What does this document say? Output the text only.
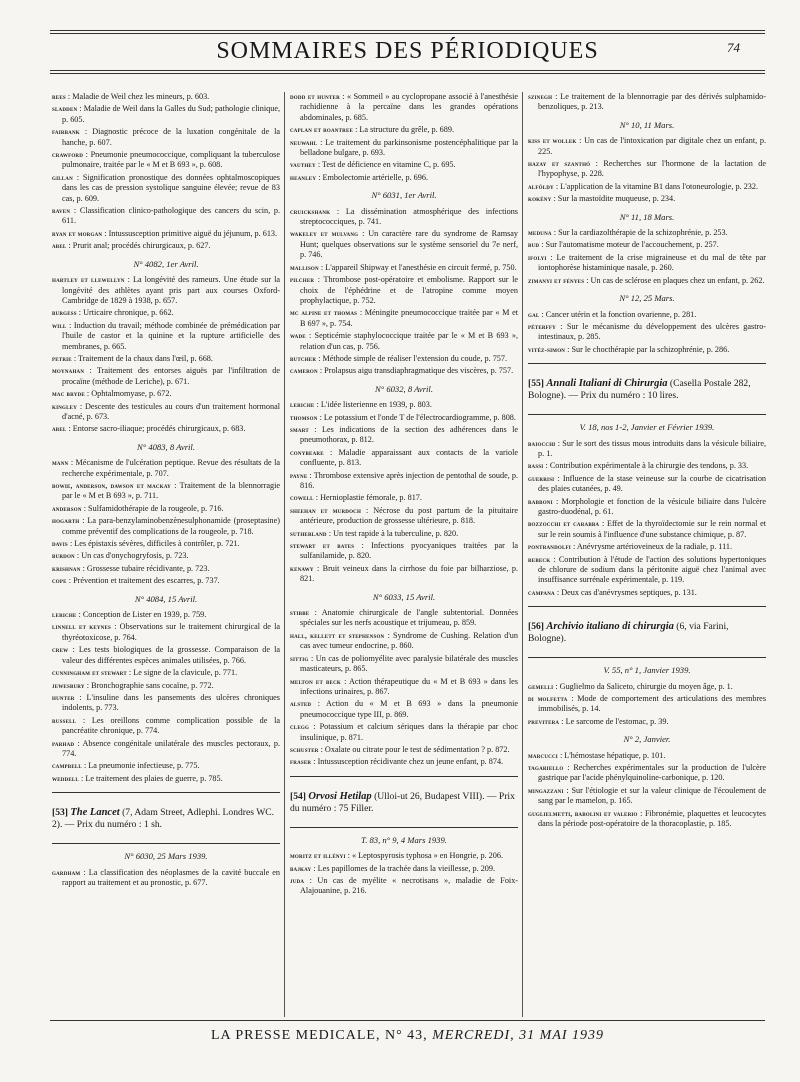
SOMMAIRES DES PÉRIODIQUES	74
rees : Maladie de Weil chez les mineurs, p. 603.
sladden : Maladie de Weil dans la Galles du Sud; pathologie clinique, p. 605.
fairbank : Diagnostic précoce de la luxation congénitale de la hanche, p. 607.
crawford : Pneumonie pneumococcique, compliquant la tuberculose pulmonaire, traitée par le « M et B 693 », p. 608.
gillan : Signification pronostique des données ophtalmoscopiques dans les cas de pression systolique sanguine élevée; revue de 83 cas, p. 609.
raven : Classification clinico-pathologique des cancers du scin, p. 611.
ryan et morgan : Intussusception primitive aiguë du jéjunum, p. 613.
abel : Prurit anal; procédés chirurgicaux, p. 627.
N° 4082, 1er Avril.
hartley et llewellyn : La longévité des rameurs. Une étude sur la longévité des athlètes ayant pris part aux courses Oxford-Cambridge de 1829 à 1938, p. 657.
burgess : Urticaire chronique, p. 662.
will : Induction du travail; méthode combinée de prémédication par l'huile de castor et la quinine et la rupture artificielle des membranes, p. 665.
petrie : Traitement de la chaux dans l'œil, p. 668.
moynahan : Traitement des entorses aiguës par l'infiltration de procaïne (méthode de Leriche), p. 671.
mac bryde : Ophtalmomyase, p. 672.
kingley : Descente des testicules au cours d'un traitement hormonal d'acné, p. 673.
abel : Entorse sacro-iliaque; procédés chirurgicaux, p. 683.
N° 4083, 8 Avril.
mann : Mécanisme de l'ulcération peptique. Revue des résultats de la recherche expérimentale, p. 707.
bowie, anderson, dawson et mackay : Traitement de la blennorragie par le « M et B 693 », p. 711.
anderson : Sulfamidothérapie de la rougeole, p. 716.
hogarth : La para-benzylaminobenzènesulphonamide (proseptasine) comme préventif des complications de la rougeole, p. 718.
davis : Les épistaxis sévères, difficiles à contrôler, p. 721.
burdon : Un cas d'onychogryfosis, p. 723.
krishnan : Grossesse tubaire récidivante, p. 723.
cope : Prévention et traitement des escarres, p. 737.
N° 4084, 15 Avril.
leriche : Conception de Lister en 1939, p. 759.
linnell et keynes : Observations sur le traitement chirurgical de la thyréotoxicose, p. 764.
crew : Les tests biologiques de la grossesse. Comparaison de la valeur des différentes espèces animales utilisées, p. 766.
cunningham et stewart : Le signe de la clavicule, p. 771.
jewesbury : Bronchographie sans cocaïne, p. 772.
hunter : L'insuline dans les pansements des ulcères chroniques indolents, p. 773.
russell : Les oreillons comme complication possible de la pancréatite chronique, p. 774.
parhad : Absence congénitale unilatérale des muscles pectoraux, p. 774.
campbell : La pneumonie infectieuse, p. 775.
weddell : Le traitement des plaies de guerre, p. 785.
[53] The Lancet (7, Adam Street, Adlephi. Londres WC. 2). — Prix du numéro : 1 sh.
N° 6030, 25 Mars 1939.
gardham : La classification des néoplasmes de la cavité buccale en rapport au traitement et au pronostic, p. 677.
dodd et hunter : « Sommeil » au cyclopropane associé à l'anesthésie rachidienne à la percaïne dans les grandes opérations abdominales, p. 685.
caplan et roantree : La structure du grêle, p. 689.
neuwahl : Le traitement du parkinsonisme postencéphalitique par la belladone bulgare, p. 693.
vauthey : Test de déficience en vitamine C, p. 695.
heanley : Embolectomie artérielle, p. 696.
N° 6031, 1er Avril.
cruickshank : La dissémination atmosphérique des infections streptococciques, p. 741.
wakeley et mulvang : Un caractère rare du syndrome de Ramsay Hunt; quelques observations sur le système sensoriel du 7e nerf, p. 746.
mallison : L'appareil Shipway et l'anesthésie en circuit fermé, p. 750.
pilcher : Thrombose post-opératoire et embolisme. Rapport sur le choix de l'éphédrine et de l'atropine comme moyen prophylactique, p. 752.
mc alpine et thomas : Méningite pneumococcique traitée par « M et B 697 », p. 754.
wade : Septicémie staphylococcique traitée par le « M et B 693 », relation d'un cas, p. 756.
butcher : Méthode simple de réaliser l'extension du coude, p. 757.
cameron : Prolapsus aigu transdiaphragmatique des viscères, p. 757.
N° 6032, 8 Avril.
leriche : L'idée listerienne en 1939, p. 803.
thomson : Le potassium et l'onde T de l'électrocardiogramme, p. 808.
smart : Les indications de la section des adhérences dans le pneumothorax, p. 812.
conybeare : Maladie apparaissant aux contacts de la variole confluente, p. 813.
payne : Thrombose extensive après injection de pentothal de soude, p. 816.
cowell : Hernioplastie fémorale, p. 817.
sheehan et murdoch : Nécrose du post partum de la pituitaire antérieure, production de grossesse ultérieure, p. 818.
sutherland : Un test rapide à la tuberculine, p. 820.
stewart et bates : Infections pyocyaniques traitées par la sulfanilamide, p. 820.
kenawy : Bruit veineux dans la cirrhose du foie par bilharziose, p. 821.
N° 6033, 15 Avril.
stibbe : Anatomie chirurgicale de l'angle subtentorial. Données spéciales sur les nerfs acoustique et trijumeau, p. 859.
hall, kellett et stephenson : Syndrome de Cushing. Relation d'un cas avec tumeur endocrine, p. 860.
sittig : Un cas de poliomyélite avec paralysie bilatérale des muscles masticateurs, p. 865.
melton et beck : Action thérapeutique du « M et B 693 » dans les infections urinaires, p. 867.
alsted : Action du « M et B 693 » dans la pneumonie pneumococcique type III, p. 869.
clegg : Potassium et calcium sériques dans la thérapie par choc insulinique, p. 871.
schuster : Oxalate ou citrate pour le test de sédimentation ? p. 872.
fraser : Intussusception récidivante chez un jeune enfant, p. 874.
[54] Orvosi Hetilap (Ulloi-ut 26, Budapest VIII). — Prix du numéro : 75 Filler.
T. 83, n° 9, 4 Mars 1939.
moritz et illényi : « Leptospyrosis typhosa » en Hongrie, p. 206.
bajkay : Les papillomes de la trachée dans la vieillesse, p. 209.
juda : Un cas de myélite « necrotisans », maladie de Foix-Alajouanine, p. 216.
szinegh : Le traitement de la blennorragie par des dérivés sulphamido-benzoliques, p. 213.
N° 10, 11 Mars.
kiss et wollek : Un cas de l'intoxication par digitale chez un enfant, p. 225.
hazay et szanthó : Recherches sur l'hormone de la lactation de l'hypophyse, p. 228.
alföldy : L'application de la vitamine B1 dans l'otoneurologie, p. 232.
kokény : Sur la mastoïdite muqueuse, p. 234.
N° 11, 18 Mars.
meduna : Sur la cardiazolthérapie de la schizophrénie, p. 253.
bud : Sur l'automatisme moteur de l'accouchement, p. 257.
ifolyi : Le traitement de la crise migraineuse et du mal de tête par iontophorèse histaminique nasale, p. 260.
zimanyi et fényes : Un cas de sclérose en plaques chez un enfant, p. 262.
N° 12, 25 Mars.
gal : Cancer utérin et la fonction ovarienne, p. 281.
péterffy : Sur le mécanisme du développement des ulcères gastro-intestinaux, p. 285.
vitéz-simon : Sur le chocthérapie par la schizophrénie, p. 286.
[55] Annali Italiani di Chirurgia (Casella Postale 282, Bologne). — Prix du numéro : 10 lires.
V. 18, nos 1-2, Janvier et Février 1939.
baiocchi : Sur le sort des tissus mous introduits dans la vésicule biliaire, p. 1.
bassi : Contribution expérimentale à la chirurgie des tendons, p. 33.
guerrisi : Influence de la stase veineuse sur la courbe de cicatrisation des plaies cutanées, p. 49.
rabboni : Morphologie et fonction de la vésicule biliaire dans l'ulcère gastro-duodénal, p. 61.
bozzocchi et carabba : Effet de la thyroïdectomie sur le rein normal et sur le rein soumis à l'influence d'une substance chimique, p. 87.
pontrandolfi : Anévrysme artérioveineux de la radiale, p. 111.
rebeck : Contribution à l'étude de l'action des solutions hypertoniques de chlorure de sodium dans la péritonite aiguë chez l'animal avec insuffisance surrénale expérimentale, p. 119.
campana : Deux cas d'anévrysmes septiques, p. 131.
[56] Archivio italiano di chirurgia (6, via Farini, Bologne).
V. 55, n° 1, Janvier 1939.
gemelli : Guglielmo da Saliceto, chirurgie du moyen âge, p. 1.
di molfetta : Mode de comportement des articulations des membres immobilisés, p. 14.
previtera : Le sarcome de l'estomac, p. 39.
N° 2, Janvier.
marcucci : L'hémostase hépatique, p. 101.
tagariello : Recherches expérimentales sur la production de l'ulcère gastrique par l'acide phénylquinoline-carbonique, p. 120.
mingazzani : Sur l'étiologie et sur la valeur clinique de l'écoulement de sang par le mamelon, p. 165.
guglielmetti, babolini et valerio : Fibronémie, plaquettes et leucocytes dans la période post-opératoire de la thoracoplastie, p. 185.
LA PRESSE MEDICALE, N° 43, MERCREDI, 31 MAI 1939
